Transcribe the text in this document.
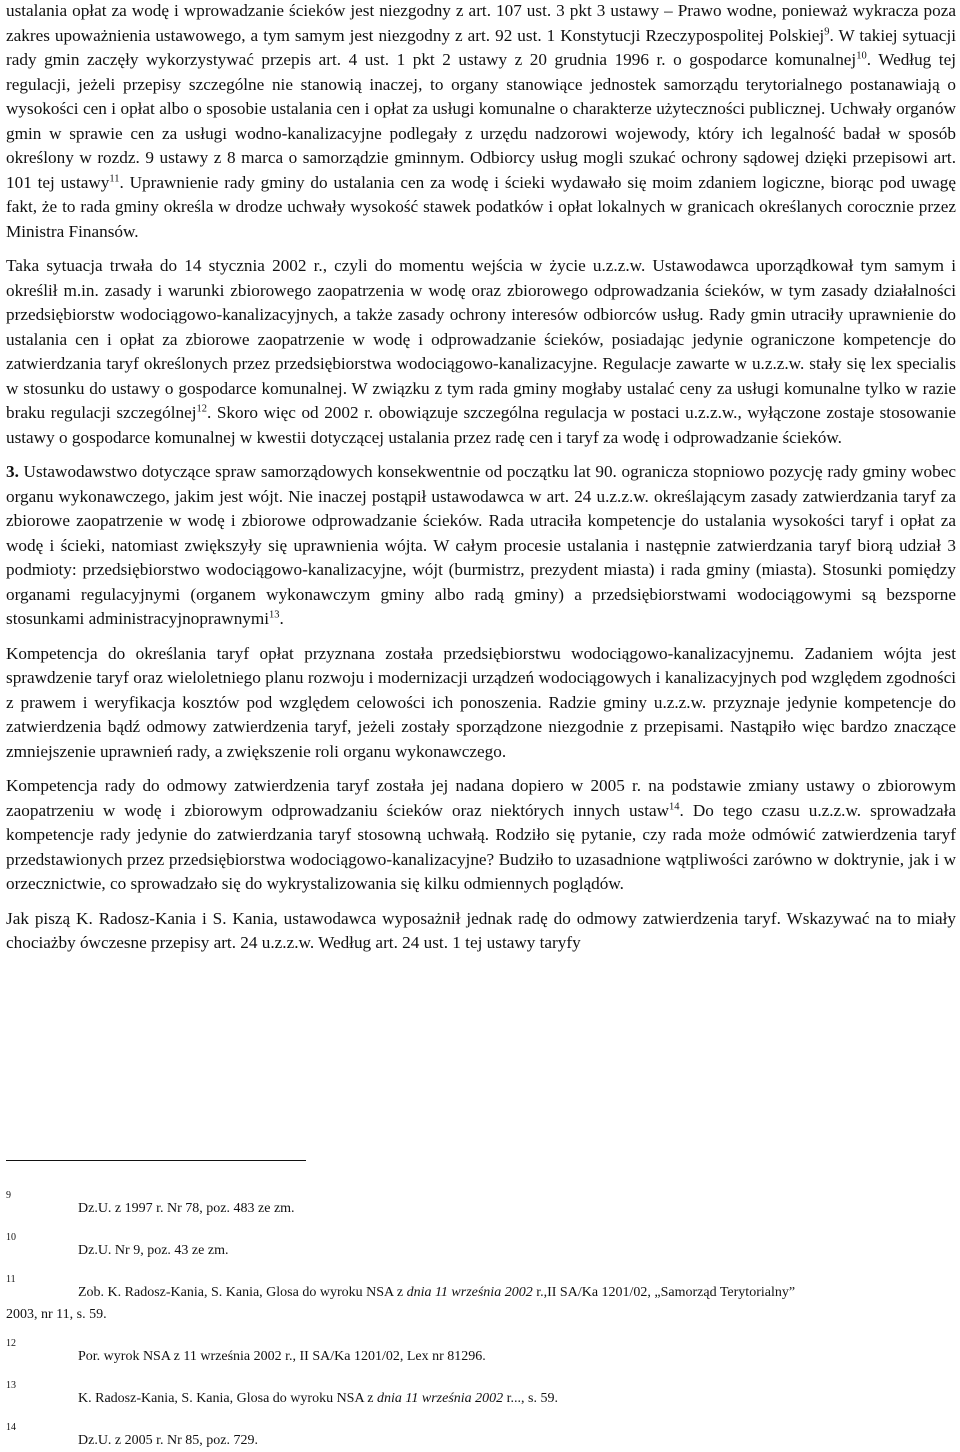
ustalania opłat za wodę i wprowadzanie ścieków jest niezgodny z art. 107 ust. 3 pkt 3 ustawy – Prawo wodne, ponieważ wykracza poza zakres upoważnienia ustawowego, a tym samym jest niezgodny z art. 92 ust. 1 Konstytucji Rzeczypospolitej Polskiej$^9$. W takiej sytuacji rady gmin zaczęły wykorzystywać przepis art. 4 ust. 1 pkt 2 ustawy z 20 grudnia 1996 r. o gospodarce komunalnej$^{10}$. Według tej regulacji, jeżeli przepisy szczególne nie stanowią inaczej, to organy stanowiące jednostek samorządu terytorialnego postanawiają o wysokości cen i opłat albo o sposobie ustalania cen i opłat za usługi komunalne o charakterze użyteczności publicznej. Uchwały organów gmin w sprawie cen za usługi wodno-kanalizacyjne podlegały z urzędu nadzorowi wojewody, który ich legalność badał w sposób określony w rozdz. 9 ustawy z 8 marca o samorządzie gminnym. Odbiorcy usług mogli szukać ochrony sądowej dzięki przepisowi art. 101 tej ustawy$^{11}$. Uprawnienie rady gminy do ustalania cen za wodę i ścieki wydawało się moim zdaniem logiczne, biorąc pod uwagę fakt, że to rada gminy określa w drodze uchwały wysokość stawek podatków i opłat lokalnych w granicach określanych corocznie przez Ministra Finansów.

Taka sytuacja trwała do 14 stycznia 2002 r., czyli do momentu wejścia w życie u.z.z.w. Ustawodawca uporządkował tym samym i określił m.in. zasady i warunki zbiorowego zaopatrzenia w wodę oraz zbiorowego odprowadzania ścieków, w tym zasady działalności przedsiębiorstw wodociągowo-kanalizacyjnych, a także zasady ochrony interesów odbiorców usług. Rady gmin utraciły uprawnienie do ustalania cen i opłat za zbiorowe zaopatrzenie w wodę i odprowadzanie ścieków, posiadając jedynie ograniczone kompetencje do zatwierdzania taryf określonych przez przedsiębiorstwa wodociągowo-kanalizacyjne. Regulacje zawarte w u.z.z.w. stały się lex specialis w stosunku do ustawy o gospodarce komunalnej. W związku z tym rada gminy mogłaby ustalać ceny za usługi komunalne tylko w razie braku regulacji szczególnej$^{12}$. Skoro więc od 2002 r. obowiązuje szczególna regulacja w postaci u.z.z.w., wyłączone zostaje stosowanie ustawy o gospodarce komunalnej w kwestii dotyczącej ustalania przez radę cen i taryf za wodę i odprowadzanie ścieków.

3. Ustawodawstwo dotyczące spraw samorządowych konsekwentnie od początku lat 90. ogranicza stopniowo pozycję rady gminy wobec organu wykonawczego, jakim jest wójt. Nie inaczej postąpił ustawodawca w art. 24 u.z.z.w. określającym zasady zatwierdzania taryf za zbiorowe zaopatrzenie w wodę i zbiorowe odprowadzanie ścieków. Rada utraciła kompetencje do ustalania wysokości taryf i opłat za wodę i ścieki, natomiast zwiększyły się uprawnienia wójta. W całym procesie ustalania i następnie zatwierdzania taryf biorą udział 3 podmioty: przedsiębiorstwo wodociągowo-kanalizacyjne, wójt (burmistrz, prezydent miasta) i rada gminy (miasta). Stosunki pomiędzy organami regulacyjnymi (organem wykonawczym gminy albo radą gminy) a przedsiębiorstwami wodociągowymi są bezsporne stosunkami administracyjnoprawnymi$^{13}$.

Kompetencja do określania taryf opłat przyznana została przedsiębiorstwu wodociągowo-kanalizacyjnemu. Zadaniem wójta jest sprawdzenie taryf oraz wieloletniego planu rozwoju i modernizacji urządzeń wodociągowych i kanalizacyjnych pod względem zgodności z prawem i weryfikacja kosztów pod względem celowości ich ponoszenia. Radzie gminy u.z.z.w. przyznaje jedynie kompetencje do zatwierdzenia bądź odmowy zatwierdzenia taryf, jeżeli zostały sporządzone niezgodnie z przepisami. Nastąpiło więc bardzo znaczące zmniejszenie uprawnień rady, a zwiększenie roli organu wykonawczego.

Kompetencja rady do odmowy zatwierdzenia taryf została jej nadana dopiero w 2005 r. na podstawie zmiany ustawy o zbiorowym zaopatrzeniu w wodę i zbiorowym odprowadzaniu ścieków oraz niektórych innych ustaw$^{14}$. Do tego czasu u.z.z.w. sprowadzała kompetencje rady jedynie do zatwierdzania taryf stosowną uchwałą. Rodziło się pytanie, czy rada może odmówić zatwierdzenia taryf przedstawionych przez przedsiębiorstwa wodociągowo-kanalizacyjne? Budziło to uzasadnione wątpliwości zarówno w doktrynie, jak i w orzecznictwie, co sprowadzało się do wykrystalizowania się kilku odmiennych poglądów.

Jak piszą K. Radosz-Kania i S. Kania, ustawodawca wyposażnił jednak radę do odmowy zatwierdzenia taryf. Wskazywać na to miały chociażby ówczesne przepisy art. 24 u.z.z.w. Według art. 24 ust. 1 tej ustawy taryfy

9
Dz.U. z 1997 r. Nr 78, poz. 483 ze zm.
10
Dz.U. Nr 9, poz. 43 ze zm.
11
Zob. K. Radosz-Kania, S. Kania, Glosa do wyroku NSA z dnia 11 września 2002 r.,II SA/Ka 1201/02, „Samorząd Terytorialny”
2003, nr 11, s. 59.
12
Por. wyrok NSA z 11 września 2002 r., II SA/Ka 1201/02, Lex nr 81296.
13
K. Radosz-Kania, S. Kania, Glosa do wyroku NSA z dnia 11 września 2002 r..., s. 59.
14
Dz.U. z 2005 r. Nr 85, poz. 729.
